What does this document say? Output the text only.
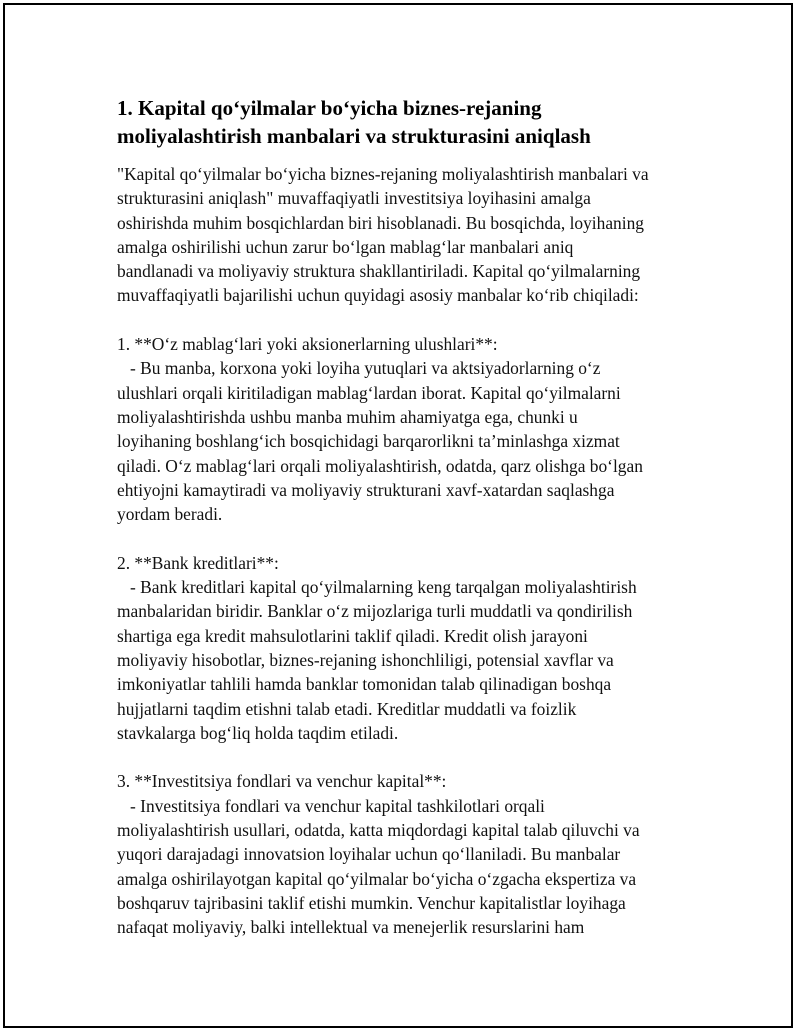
1. Kapital qo‘yilmalar bo‘yicha biznes-rejaning
moliyalashtirish manbalari va strukturasini aniqlash

"Kapital qo‘yilmalar bo‘yicha biznes-rejaning moliyalashtirish manbalari va
strukturasini aniqlash" muvaffaqiyatli investitsiya loyihasini amalga
oshirishda muhim bosqichlardan biri hisoblanadi. Bu bosqichda, loyihaning
amalga oshirilishi uchun zarur bo‘lgan mablag‘lar manbalari aniq
bandlanadi va moliyaviy struktura shakllantiriladi. Kapital qo‘yilmalarning
muvaffaqiyatli bajarilishi uchun quyidagi asosiy manbalar ko‘rib chiqiladi:

1. **O‘z mablag‘lari yoki aksionerlarning ulushlari**:
- Bu manba, korxona yoki loyiha yutuqlari va aktsiyadorlarning o‘z
ulushlari orqali kiritiladigan mablag‘lardan iborat. Kapital qo‘yilmalarni
moliyalashtirishda ushbu manba muhim ahamiyatga ega, chunki u
loyihaning boshlang‘ich bosqichidagi barqarorlikni ta’minlashga xizmat
qiladi. O‘z mablag‘lari orqali moliyalashtirish, odatda, qarz olishga bo‘lgan
ehtiyojni kamaytiradi va moliyaviy strukturani xavf-xatardan saqlashga
yordam beradi.

2. **Bank kreditlari**:
- Bank kreditlari kapital qo‘yilmalarning keng tarqalgan moliyalashtirish
manbalaridan biridir. Banklar o‘z mijozlariga turli muddatli va qondirilish
shartiga ega kredit mahsulotlarini taklif qiladi. Kredit olish jarayoni
moliyaviy hisobotlar, biznes-rejaning ishonchliligi, potensial xavflar va
imkoniyatlar tahlili hamda banklar tomonidan talab qilinadigan boshqa
hujjatlarni taqdim etishni talab etadi. Kreditlar muddatli va foizlik
stavkalarga bog‘liq holda taqdim etiladi.

3. **Investitsiya fondlari va venchur kapital**:
- Investitsiya fondlari va venchur kapital tashkilotlari orqali
moliyalashtirish usullari, odatda, katta miqdordagi kapital talab qiluvchi va
yuqori darajadagi innovatsion loyihalar uchun qo‘llaniladi. Bu manbalar
amalga oshirilayotgan kapital qo‘yilmalar bo‘yicha o‘zgacha ekspertiza va
boshqaruv tajribasini taklif etishi mumkin. Venchur kapitalistlar loyihaga
nafaqat moliyaviy, balki intellektual va menejerlik resurslarini ham
